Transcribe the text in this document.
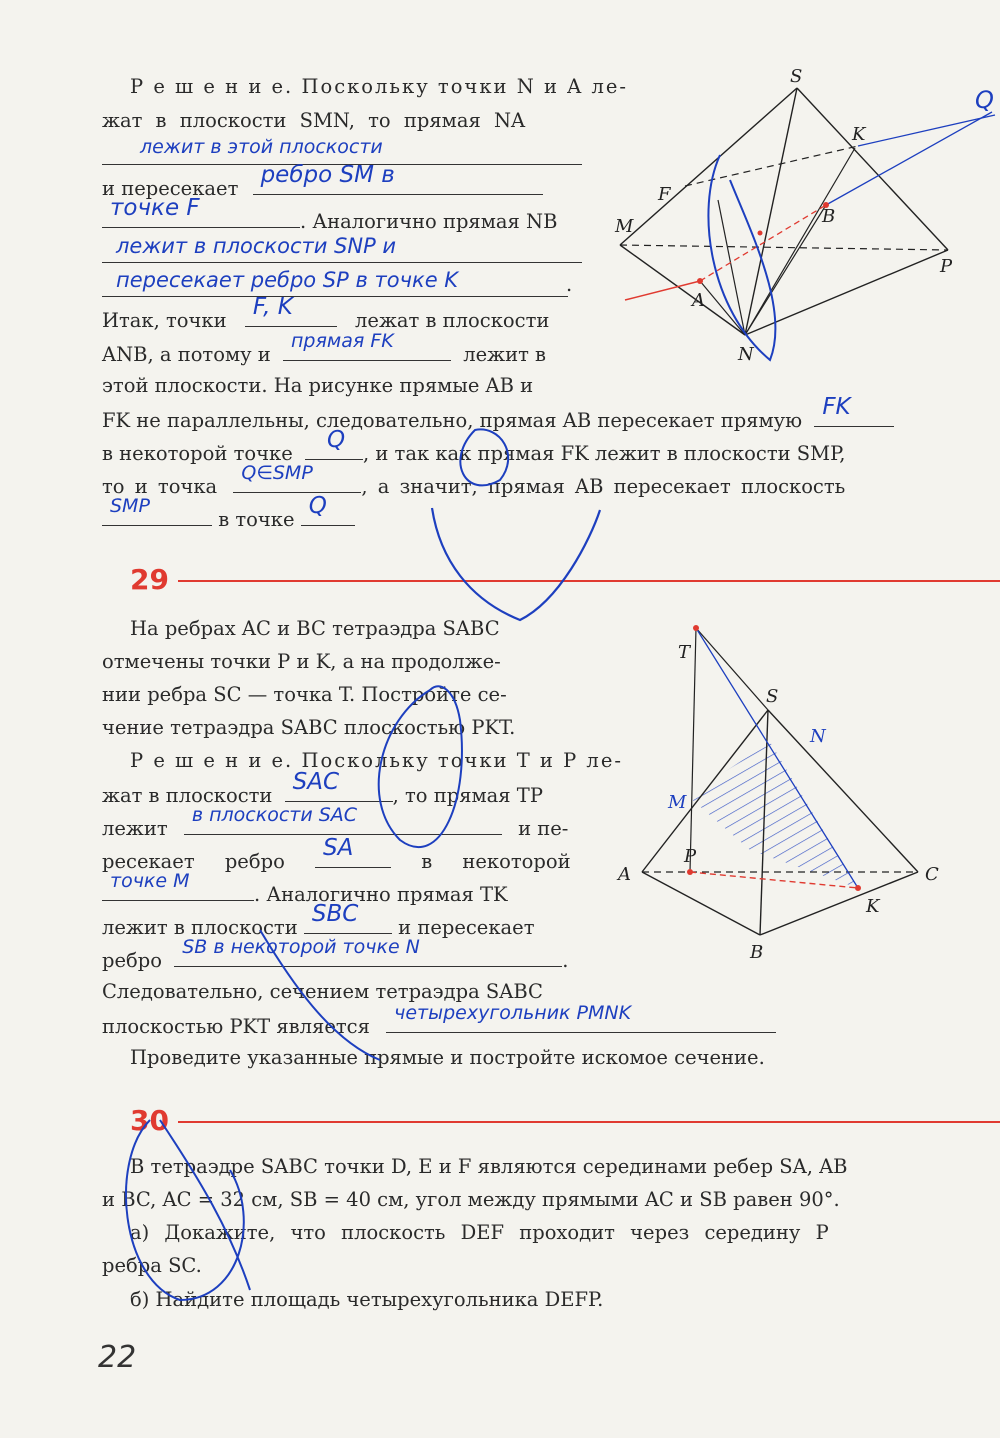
Р е ш е н и е. Поскольку точки N и A ле-
жат в плоскости SMN, то прямая NA
лежит в этой плоскости
и пересекает
ребро SM в
точке F
. Аналогично прямая NB
лежит в плоскости SNP и
пересекает ребро SP в точке K	.
Итак, точки
F, K
лежат в плоскости
ANB, а потому и
прямая FK
лежит в
этой плоскости. На рисунке прямые AB и
FK не параллельны, следовательно, прямая AB пересекает прямую
FK
в некоторой точке
Q
, и так как прямая FK лежит в плоскости SMP,
то и точка
Q∈SMP
, а значит, прямая AB пересекает плоскость
SMP
в точке
Q
S
K
F
B
M
A
P
N
Q
29
На ребрах AC и BC тетраэдра SABC
отмечены точки P и K, а на продолже-
нии ребра SC — точка T. Постройте се-
чение тетраэдра SABC плоскостью PKT.
Р е ш е н и е. Поскольку точки T и P ле-
жат в плоскости
SAC
, то прямая TP
лежит
в плоскости SAC
и пе-
ресекает ребро
SA
в некоторой
точке M
. Аналогично прямая TK
лежит в плоскости
SBC
и пересекает
ребро
SB в некоторой точке N
.
Следовательно, сечением тетраэдра SABC
плоскостью PKT является
четырехугольник PMNK
Проведите указанные прямые и постройте искомое сечение.
T
S
N
M
P
A	C
K
B
30
В тетраэдре SABC точки D, E и F являются серединами ребер SA, AB
и BC, AC = 32 см, SB = 40 см, угол между прямыми AC и SB равен 90°.
а) Докажите, что плоскость DEF проходит через середину P
ребра SC.
б) Найдите площадь четырехугольника DEFP.
22
